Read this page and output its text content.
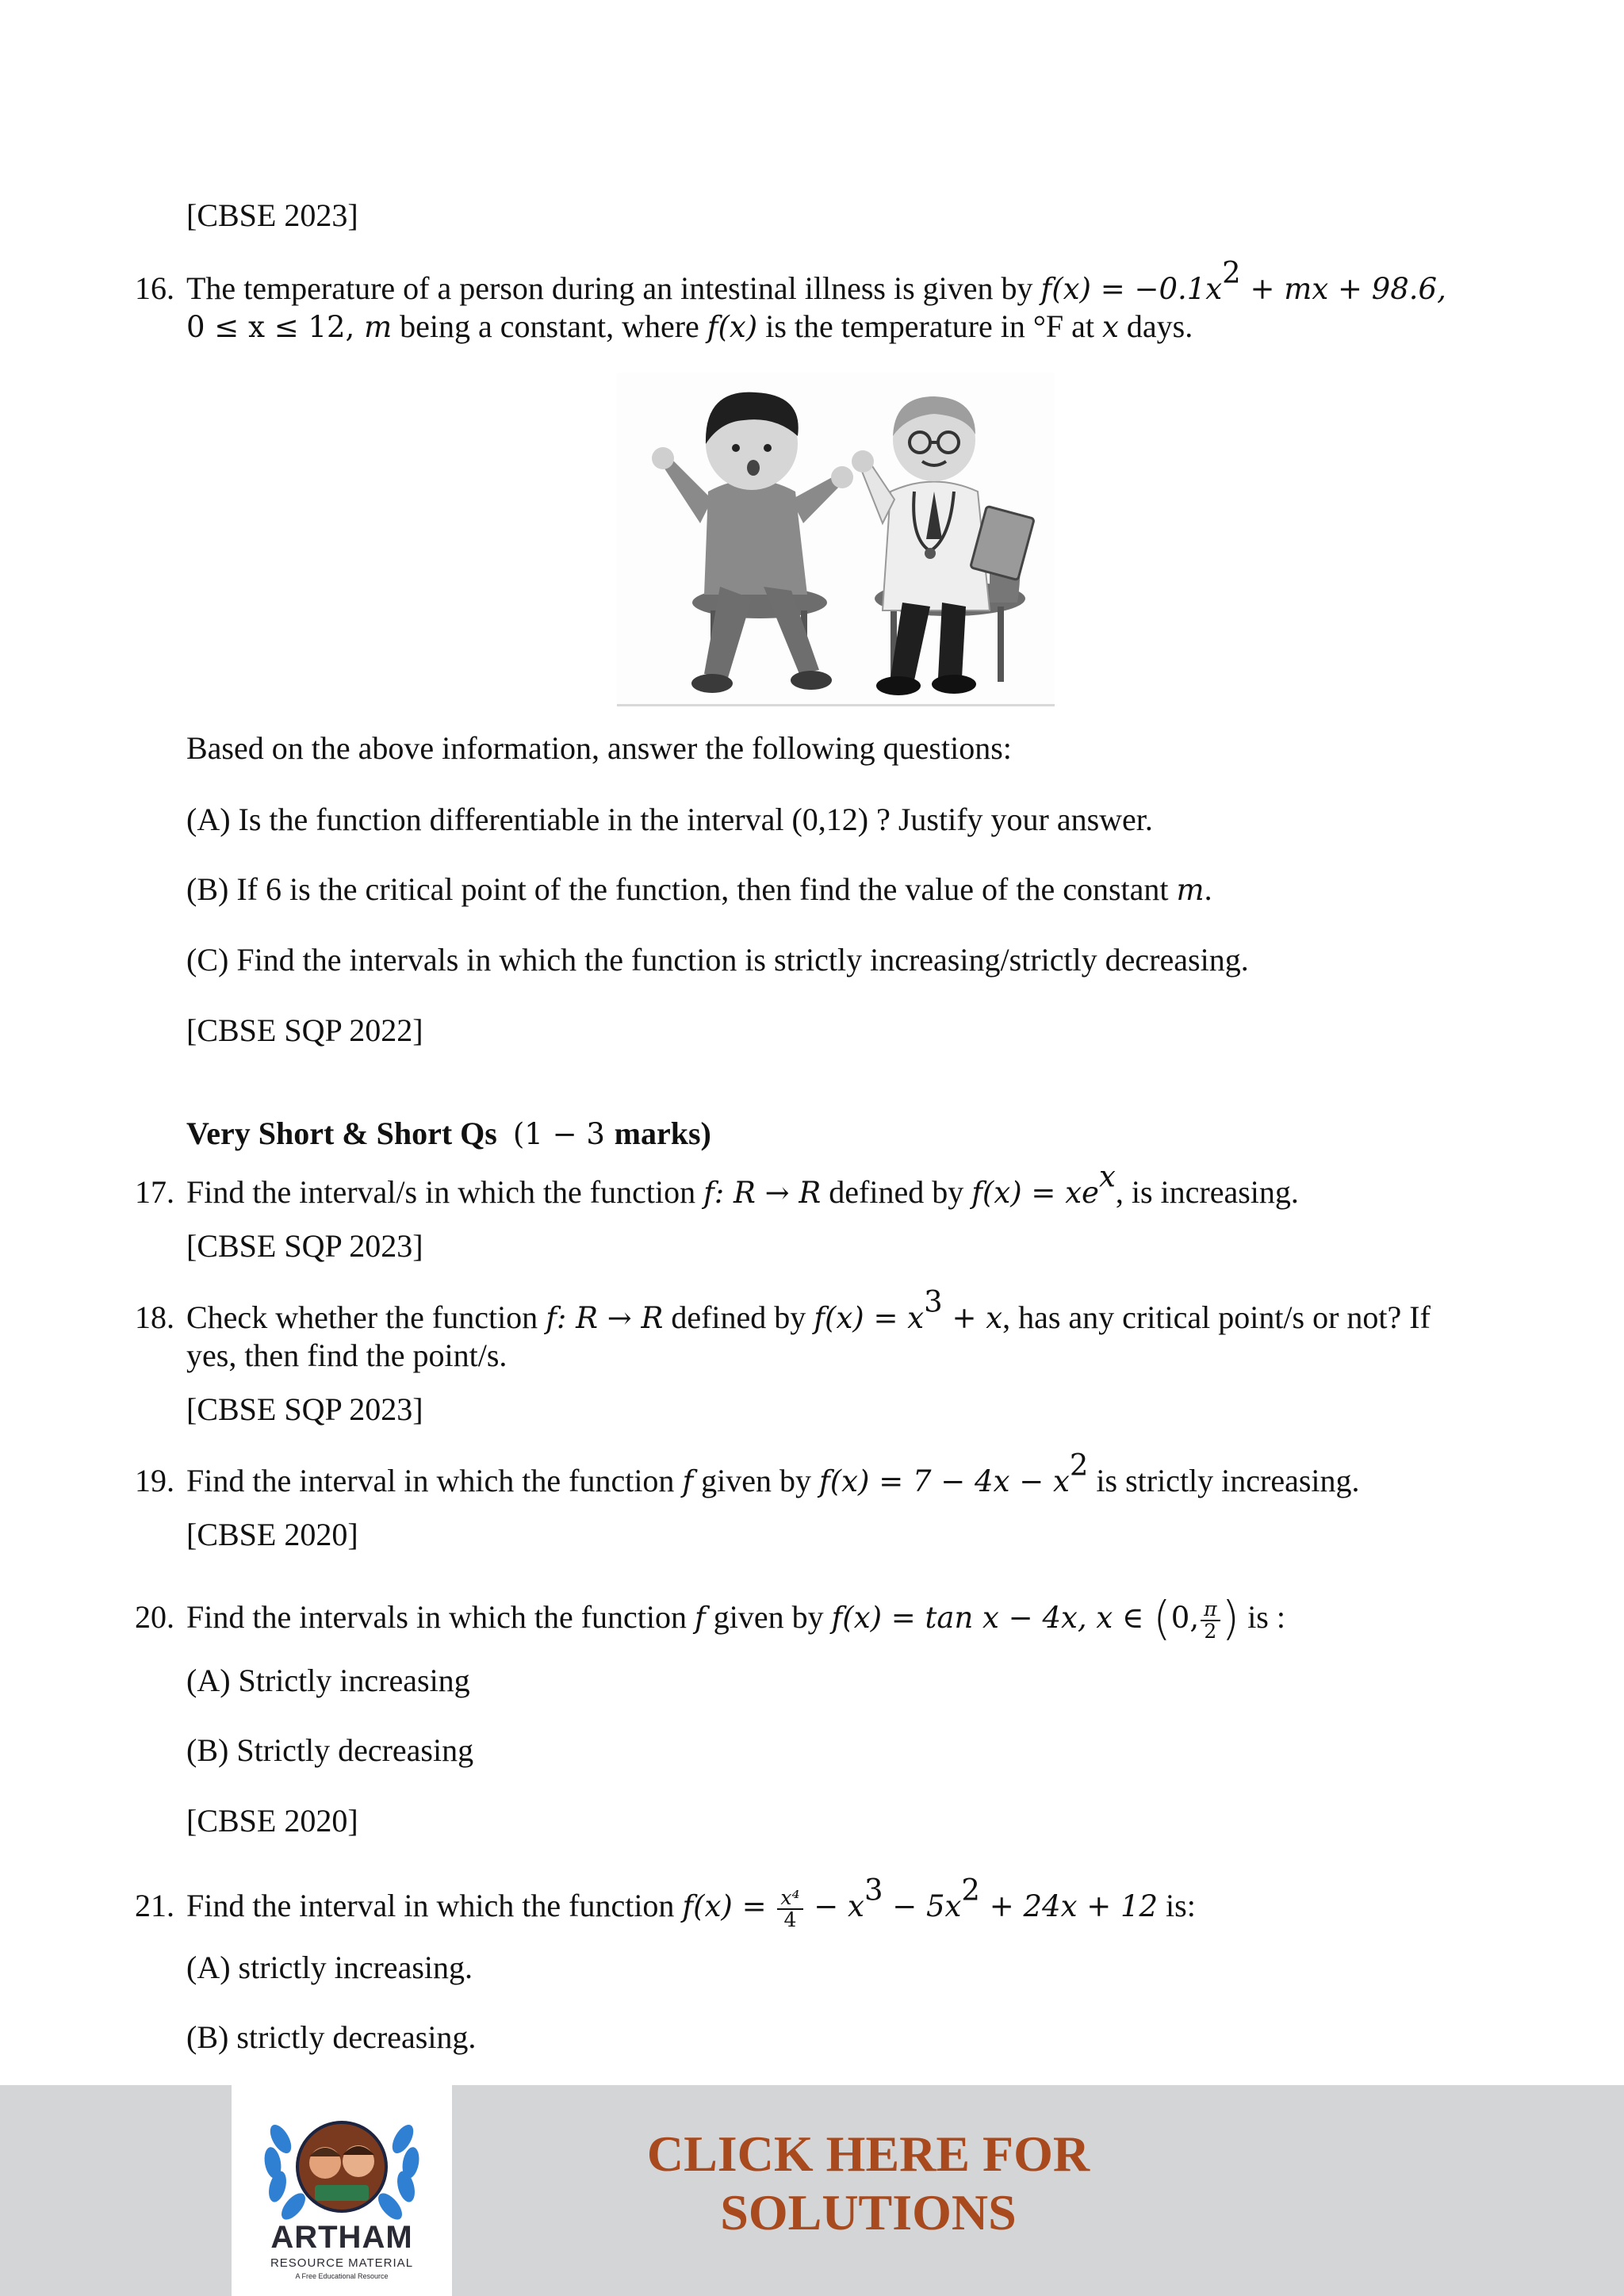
[CBSE 2023]
16. The temperature of a person during an intestinal illness is given by $f(x) = -0.1x^2$ + mx + 98.6,
0 ≤ x ≤ 12, m being a constant, where f(x) is the temperature in °F at x days.
Based on the above information, answer the following questions:
(A) Is the function differentiable in the interval (0,12) ? Justify your answer.
(B) If 6 is the critical point of the function, then find the value of the constant m.
(C) Find the intervals in which the function is strictly increasing/strictly decreasing.
[CBSE SQP 2022]
Very Short & Short Qs (1 − 3 marks)
17. Find the interval/s in which the function f: R → R defined by $f(x) = xe^x$, is increasing.
[CBSE SQP 2023]
18. Check whether the function f: R → R defined by $f(x) = x^3 + x$, has any critical point/s or not? If
yes, then find the point/s.
[CBSE SQP 2023]
19. Find the interval in which the function f given by $f(x) = 7 - 4x - x^2$ is strictly increasing.
[CBSE 2020]
20. Find the intervals in which the function f given by f(x) = tan x − 4x, x ∈ (0, $\frac{\pi}{2}$ ) is :
(A) Strictly increasing
(B) Strictly decreasing
[CBSE 2020]
21. Find the interval in which the function $f(x) = \frac{\text{x⁴}}{4} - x^3 - 5x^2 + 24x + 12$ is:
(A) strictly increasing.
(B) strictly decreasing.
ARTHAM
RESOURCE MATERIAL
A Free Educational Resource
CLICK HERE FOR
SOLUTIONS
